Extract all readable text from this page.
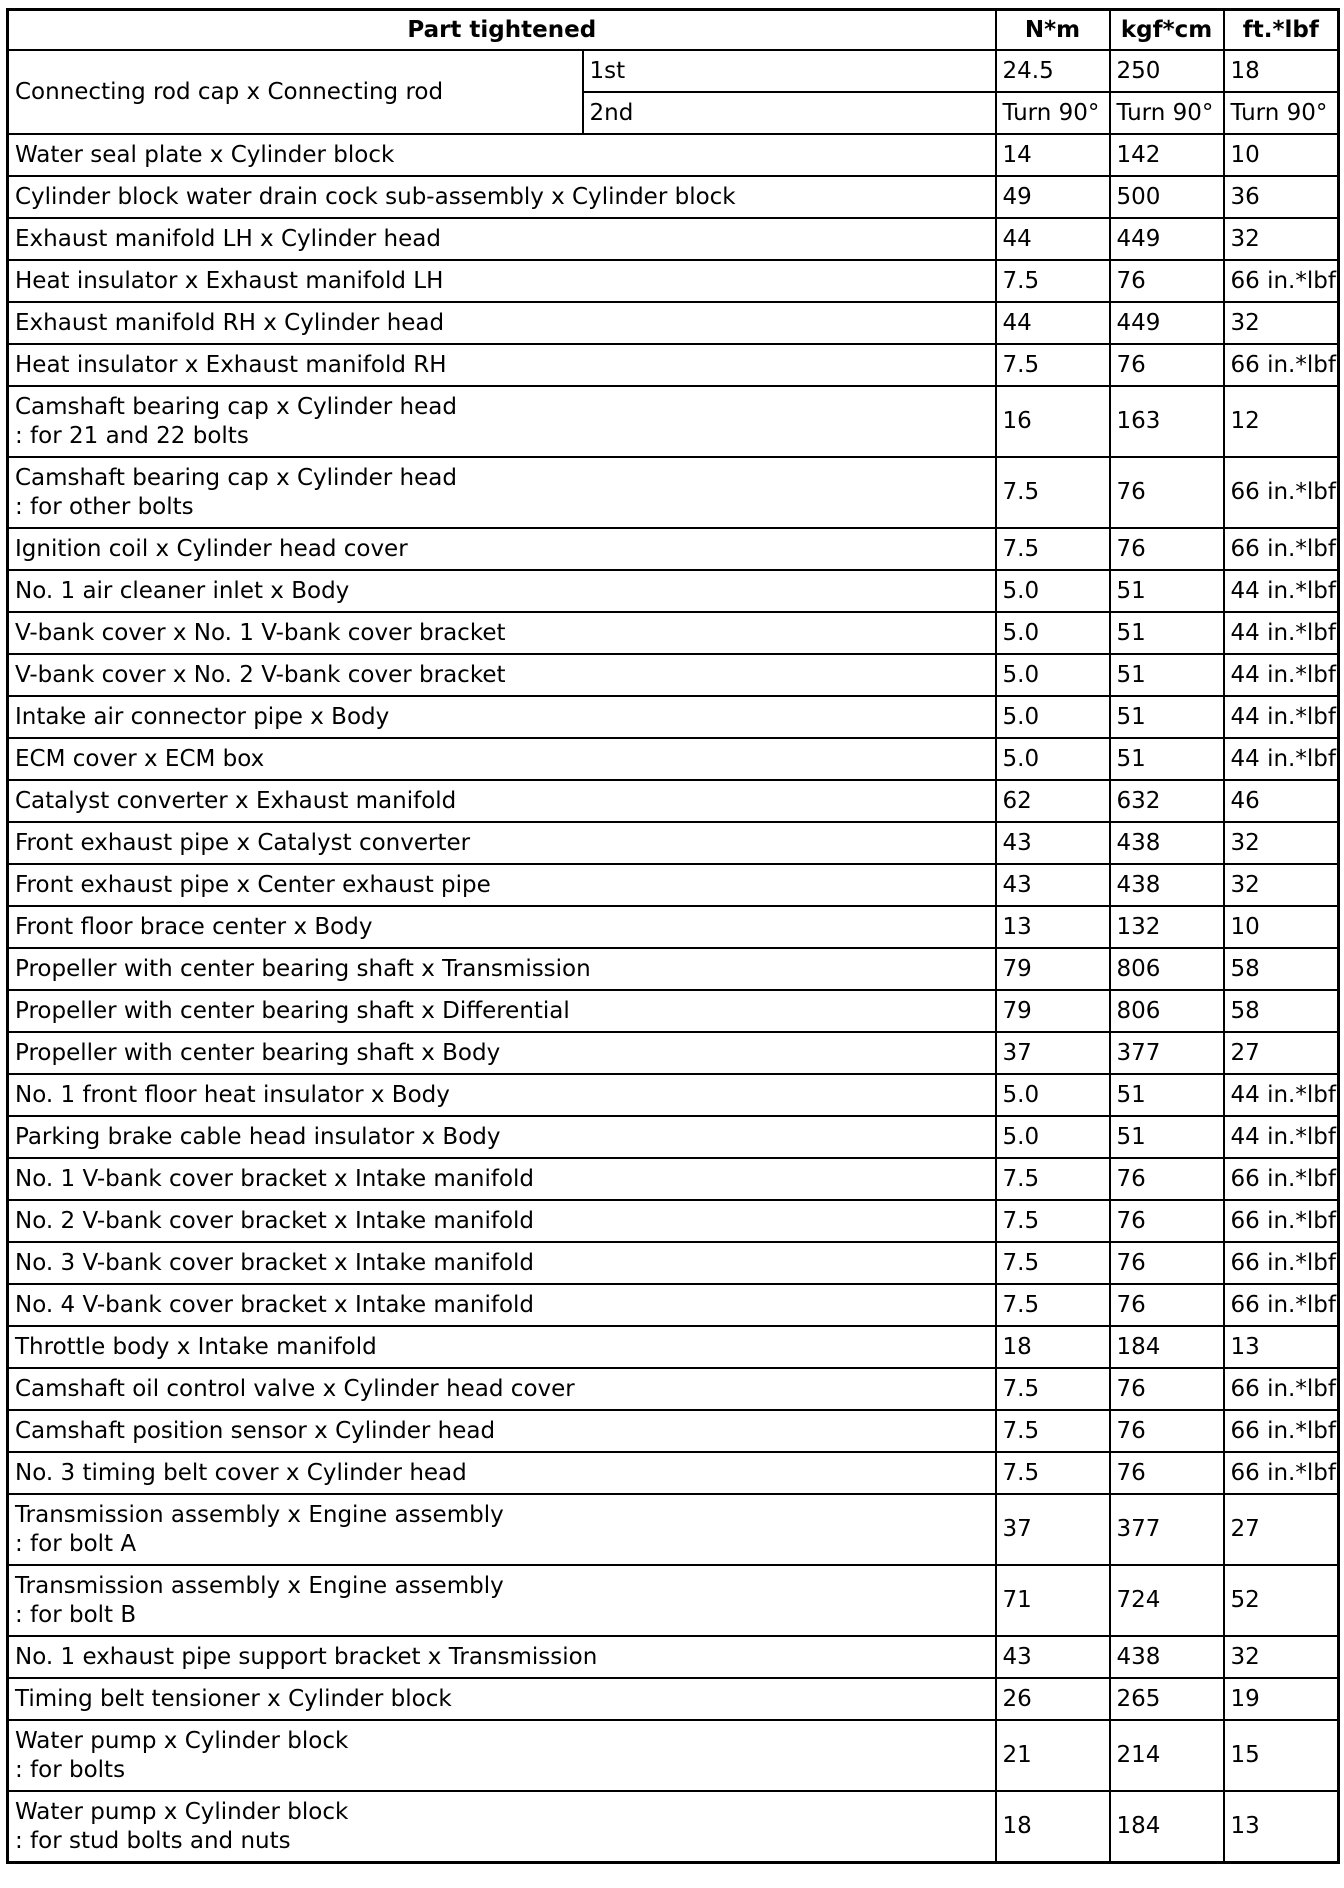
Part tightened		N*m	kgf*cm	ft.*lbf
Connecting rod cap x Connecting rod	1st	24.5	250	18
	2nd	Turn 90°	Turn 90°	Turn 90°

Water seal plate x Cylinder block		14	142	10

Cylinder block water drain cock sub-assembly x Cylinder block		49	500	36

Exhaust manifold LH x Cylinder head		44	449	32

Heat insulator x Exhaust manifold LH		7.5	76	66 in.*lbf

Exhaust manifold RH x Cylinder head		44	449	32

Heat insulator x Exhaust manifold RH		7.5	76	66 in.*lbf

Camshaft bearing cap x Cylinder head
: for 21 and 22 bolts		16	163	12

Camshaft bearing cap x Cylinder head
: for other bolts		7.5	76	66 in.*lbf

Ignition coil x Cylinder head cover		7.5	76	66 in.*lbf

No. 1 air cleaner inlet x Body		5.0	51	44 in.*lbf

V-bank cover x No. 1 V-bank cover bracket		5.0	51	44 in.*lbf

V-bank cover x No. 2 V-bank cover bracket		5.0	51	44 in.*lbf

Intake air connector pipe x Body		5.0	51	44 in.*lbf

ECM cover x ECM box		5.0	51	44 in.*lbf

Catalyst converter x Exhaust manifold		62	632	46

Front exhaust pipe x Catalyst converter		43	438	32

Front exhaust pipe x Center exhaust pipe		43	438	32

Front floor brace center x Body		13	132	10

Propeller with center bearing shaft x Transmission		79	806	58

Propeller with center bearing shaft x Differential		79	806	58

Propeller with center bearing shaft x Body		37	377	27

No. 1 front floor heat insulator x Body		5.0	51	44 in.*lbf

Parking brake cable head insulator x Body		5.0	51	44 in.*lbf

No. 1 V-bank cover bracket x Intake manifold		7.5	76	66 in.*lbf

No. 2 V-bank cover bracket x Intake manifold		7.5	76	66 in.*lbf

No. 3 V-bank cover bracket x Intake manifold		7.5	76	66 in.*lbf

No. 4 V-bank cover bracket x Intake manifold		7.5	76	66 in.*lbf

Throttle body x Intake manifold		18	184	13

Camshaft oil control valve x Cylinder head cover		7.5	76	66 in.*lbf

Camshaft position sensor x Cylinder head		7.5	76	66 in.*lbf

No. 3 timing belt cover x Cylinder head		7.5	76	66 in.*lbf

Transmission assembly x Engine assembly
: for bolt A		37	377	27

Transmission assembly x Engine assembly
: for bolt B		71	724	52

No. 1 exhaust pipe support bracket x Transmission		43	438	32

Timing belt tensioner x Cylinder block		26	265	19

Water pump x Cylinder block
: for bolts		21	214	15

Water pump x Cylinder block
: for stud bolts and nuts		18	184	13
